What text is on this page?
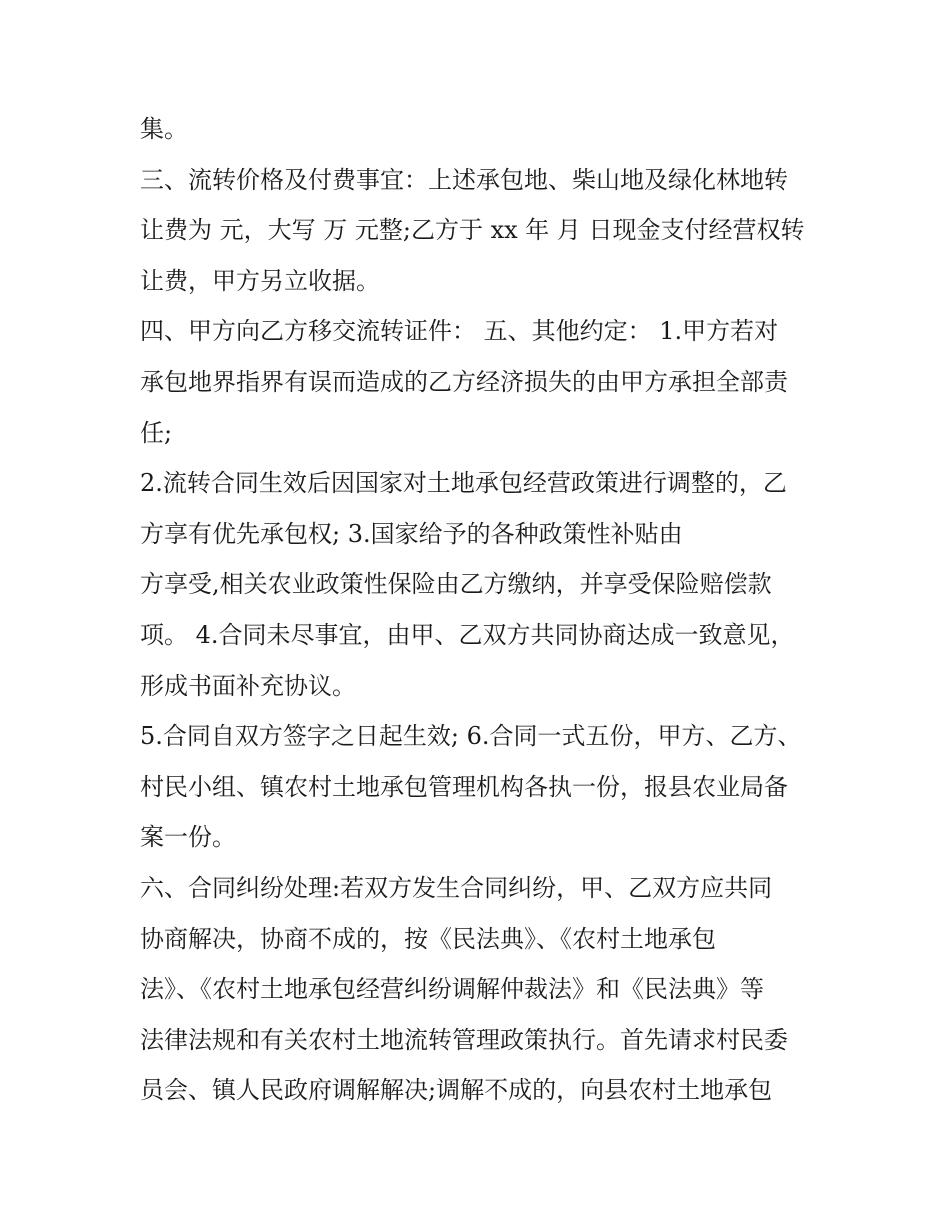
集。
三、流转价格及付费事宜：上述承包地、柴山地及绿化林地转
让费为 元，大写 万 元整;乙方于 xx 年 月 日现金支付经营权转
让费，甲方另立收据。
四、甲方向乙方移交流转证件： 五、其他约定： 1.甲方若对
承包地界指界有误而造成的乙方经济损失的由甲方承担全部责
任;
2.流转合同生效后因国家对土地承包经营政策进行调整的，乙
方享有优先承包权; 3.国家给予的各种政策性补贴由
方享受,相关农业政策性保险由乙方缴纳，并享受保险赔偿款
项。 4.合同未尽事宜，由甲、乙双方共同协商达成一致意见，
形成书面补充协议。
5.合同自双方签字之日起生效; 6.合同一式五份，甲方、乙方、
村民小组、镇农村土地承包管理机构各执一份，报县农业局备
案一份。
六、合同纠纷处理:若双方发生合同纠纷，甲、乙双方应共同
协商解决，协商不成的，按《民法典》、《农村土地承包
法》、《农村土地承包经营纠纷调解仲裁法》和《民法典》等
法律法规和有关农村土地流转管理政策执行。首先请求村民委
员会、镇人民政府调解解决;调解不成的，向县农村土地承包
